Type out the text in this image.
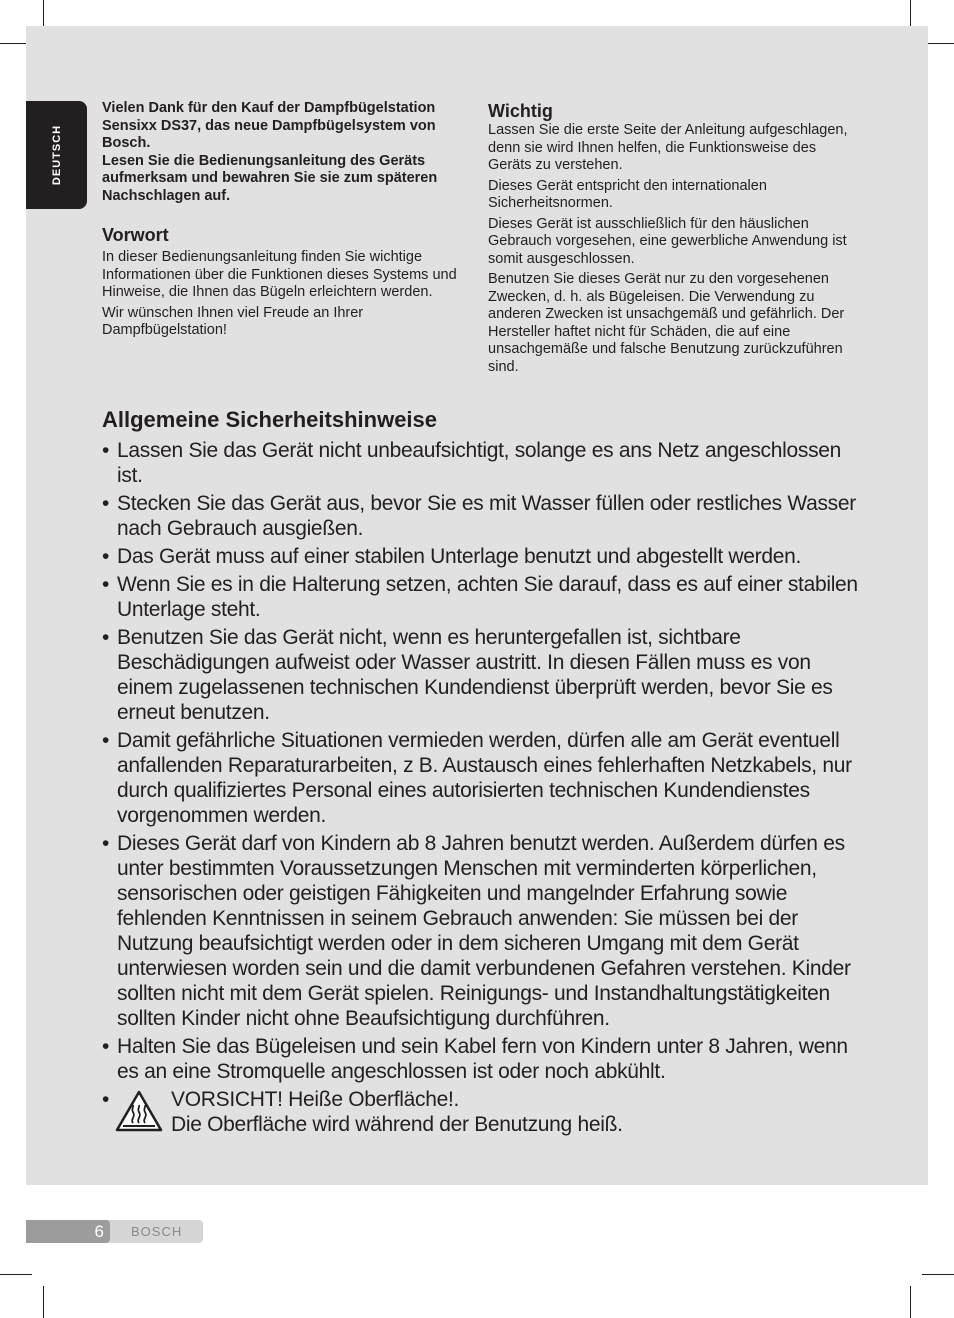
DEUTSCH

Vielen Dank für den Kauf der Dampfbügelstation Sensixx DS37, das neue Dampfbügelsystem von Bosch.

Lesen Sie die Bedienungsanleitung des Geräts aufmerksam und bewahren Sie sie zum späteren Nachschlagen auf.

Vorwort

In dieser Bedienungsanleitung finden Sie wichtige Informationen über die Funktionen dieses Systems und Hinweise, die Ihnen das Bügeln erleichtern werden.

Wir wünschen Ihnen viel Freude an Ihrer Dampfbügelstation!

Wichtig

Lassen Sie die erste Seite der Anleitung aufgeschlagen, denn sie wird Ihnen helfen, die Funktionsweise des Geräts zu verstehen.

Dieses Gerät entspricht den internationalen Sicherheitsnormen.

Dieses Gerät ist ausschließlich für den häuslichen Gebrauch vorgesehen, eine gewerbliche Anwendung ist somit ausgeschlossen.

Benutzen Sie dieses Gerät nur zu den vorgesehenen Zwecken, d. h. als Bügeleisen. Die Verwendung zu anderen Zwecken ist unsachgemäß und gefährlich. Der Hersteller haftet nicht für Schäden, die auf eine unsachgemäße und falsche Benutzung zurückzuführen sind.

Allgemeine Sicherheitshinweise
• Lassen Sie das Gerät nicht unbeaufsichtigt, solange es ans Netz angeschlossen ist.
• Stecken Sie das Gerät aus, bevor Sie es mit Wasser füllen oder restliches Wasser nach Gebrauch ausgießen.
• Das Gerät muss auf einer stabilen Unterlage benutzt und abgestellt werden.
• Wenn Sie es in die Halterung setzen, achten Sie darauf, dass es auf einer stabilen Unterlage steht.
• Benutzen Sie das Gerät nicht, wenn es heruntergefallen ist, sichtbare Beschädigungen aufweist oder Wasser austritt. In diesen Fällen muss es von einem zugelassenen technischen Kundendienst überprüft werden, bevor Sie es erneut benutzen.
• Damit gefährliche Situationen vermieden werden, dürfen alle am Gerät eventuell anfallenden Reparaturarbeiten, z B. Austausch eines fehlerhaften Netzkabels, nur durch qualifiziertes Personal eines autorisierten technischen Kundendienstes vorgenommen werden.
• Dieses Gerät darf von Kindern ab 8 Jahren benutzt werden. Außerdem dürfen es unter bestimmten Voraussetzungen Menschen mit verminderten körperlichen, sensorischen oder geistigen Fähigkeiten und mangelnder Erfahrung sowie fehlenden Kenntnissen in seinem Gebrauch anwenden: Sie müssen bei der Nutzung beaufsichtigt werden oder in dem sicheren Umgang mit dem Gerät unterwiesen worden sein und die damit verbundenen Gefahren verstehen. Kinder sollten nicht mit dem Gerät spielen. Reinigungs- und Instandhaltungstätigkeiten sollten Kinder nicht ohne Beaufsichtigung durchführen.
• Halten Sie das Bügeleisen und sein Kabel fern von Kindern unter 8 Jahren, wenn es an eine Stromquelle angeschlossen ist oder noch abkühlt.
• VORSICHT! Heiße Oberfläche!.
Die Oberfläche wird während der Benutzung heiß.
6	BOSCH
